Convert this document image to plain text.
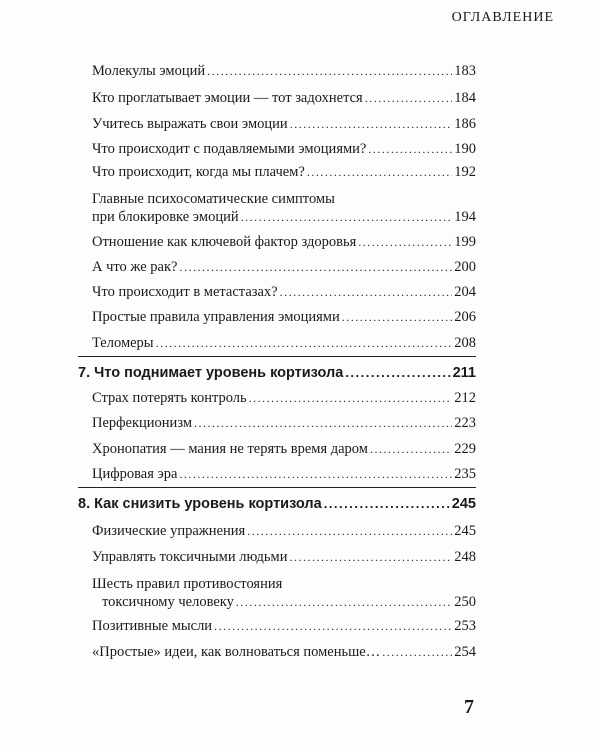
ОГЛАВЛЕНИЕ
Молекулы эмоций .....	183
Кто проглатывает эмоции — тот задохнется .....	184
Учитесь выражать свои эмоции .....	186
Что происходит с подавляемыми эмоциями? .....	190
Что происходит, когда мы плачем? .....	192
Главные психосоматические симптомы
при блокировке эмоций .....	194
Отношение как ключевой фактор здоровья .....	199
А что же рак? .....	200
Что происходит в метастазах? .....	204
Простые правила управления эмоциями .....	206
Теломеры .....	208
7. Что поднимает уровень кортизола .....	211
Страх потерять контроль .....	212
Перфекционизм .....	223
Хронопатия — мания не терять время даром .....	229
Цифровая эра .....	235
8. Как снизить уровень кортизола .....	245
Физические упражнения .....	245
Управлять токсичными людьми .....	248
Шесть правил противостояния
токсичному человеку .....	250
Позитивные мысли .....	253
«Простые» идеи, как волноваться поменьше… .....	254
7
